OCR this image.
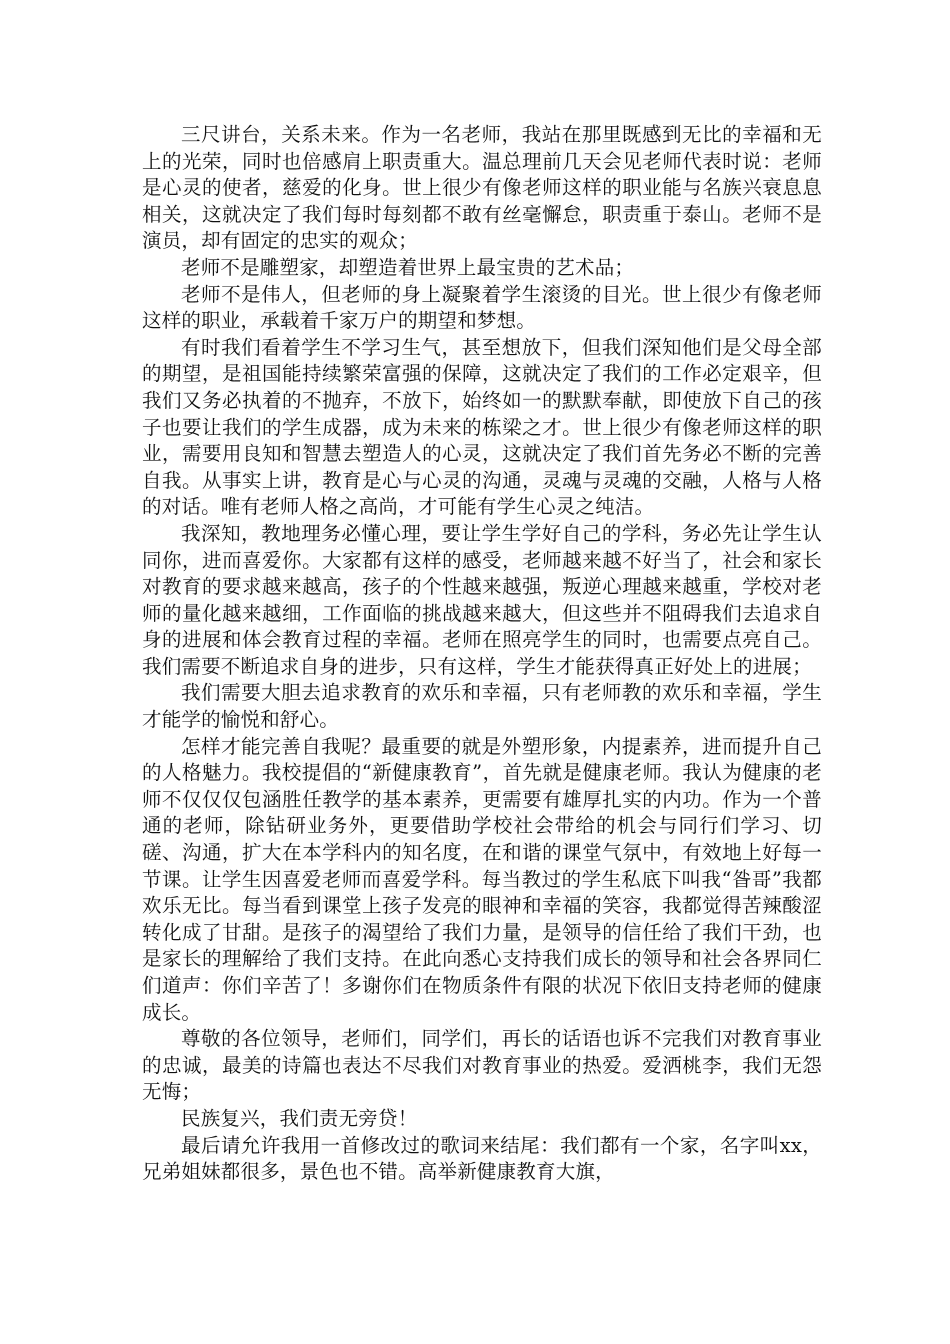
三尺讲台，关系未来。作为一名老师，我站在那里既感到无比的幸福和无上的光荣，同时也倍感肩上职责重大。温总理前几天会见老师代表时说：老师是心灵的使者，慈爱的化身。世上很少有像老师这样的职业能与名族兴衰息息相关，这就决定了我们每时每刻都不敢有丝毫懈怠，职责重于泰山。老师不是演员，却有固定的忠实的观众；

老师不是雕塑家，却塑造着世界上最宝贵的艺术品；

老师不是伟人，但老师的身上凝聚着学生滚烫的目光。世上很少有像老师这样的职业，承载着千家万户的期望和梦想。

有时我们看着学生不学习生气，甚至想放下，但我们深知他们是父母全部的期望，是祖国能持续繁荣富强的保障，这就决定了我们的工作必定艰辛，但我们又务必执着的不抛弃，不放下，始终如一的默默奉献，即使放下自己的孩子也要让我们的学生成器，成为未来的栋梁之才。世上很少有像老师这样的职业，需要用良知和智慧去塑造人的心灵，这就决定了我们首先务必不断的完善自我。从事实上讲，教育是心与心灵的沟通，灵魂与灵魂的交融，人格与人格的对话。唯有老师人格之高尚，才可能有学生心灵之纯洁。

我深知，教地理务必懂心理，要让学生学好自己的学科，务必先让学生认同你，进而喜爱你。大家都有这样的感受，老师越来越不好当了，社会和家长对教育的要求越来越高，孩子的个性越来越强，叛逆心理越来越重，学校对老师的量化越来越细，工作面临的挑战越来越大，但这些并不阻碍我们去追求自身的进展和体会教育过程的幸福。老师在照亮学生的同时，也需要点亮自己。我们需要不断追求自身的进步，只有这样，学生才能获得真正好处上的进展；

我们需要大胆去追求教育的欢乐和幸福，只有老师教的欢乐和幸福，学生才能学的愉悦和舒心。

怎样才能完善自我呢？最重要的就是外塑形象，内提素养，进而提升自己的人格魅力。我校提倡的“新健康教育”，首先就是健康老师。我认为健康的老师不仅仅仅包涵胜任教学的基本素养，更需要有雄厚扎实的内功。作为一个普通的老师，除钻研业务外，更要借助学校社会带给的机会与同行们学习、切磋、沟通，扩大在本学科内的知名度，在和谐的课堂气氛中，有效地上好每一节课。让学生因喜爱老师而喜爱学科。每当教过的学生私底下叫我“昝哥”我都欢乐无比。每当看到课堂上孩子发亮的眼神和幸福的笑容，我都觉得苦辣酸涩转化成了甘甜。是孩子的渴望给了我们力量，是领导的信任给了我们干劲，也是家长的理解给了我们支持。在此向悉心支持我们成长的领导和社会各界同仁们道声：你们辛苦了！多谢你们在物质条件有限的状况下依旧支持老师的健康成长。

尊敬的各位领导，老师们，同学们，再长的话语也诉不完我们对教育事业的忠诚，最美的诗篇也表达不尽我们对教育事业的热爱。爱洒桃李，我们无怨无悔；

民族复兴，我们责无旁贷！

最后请允许我用一首修改过的歌词来结尾：我们都有一个家，名字叫xx，兄弟姐妹都很多，景色也不错。高举新健康教育大旗，
